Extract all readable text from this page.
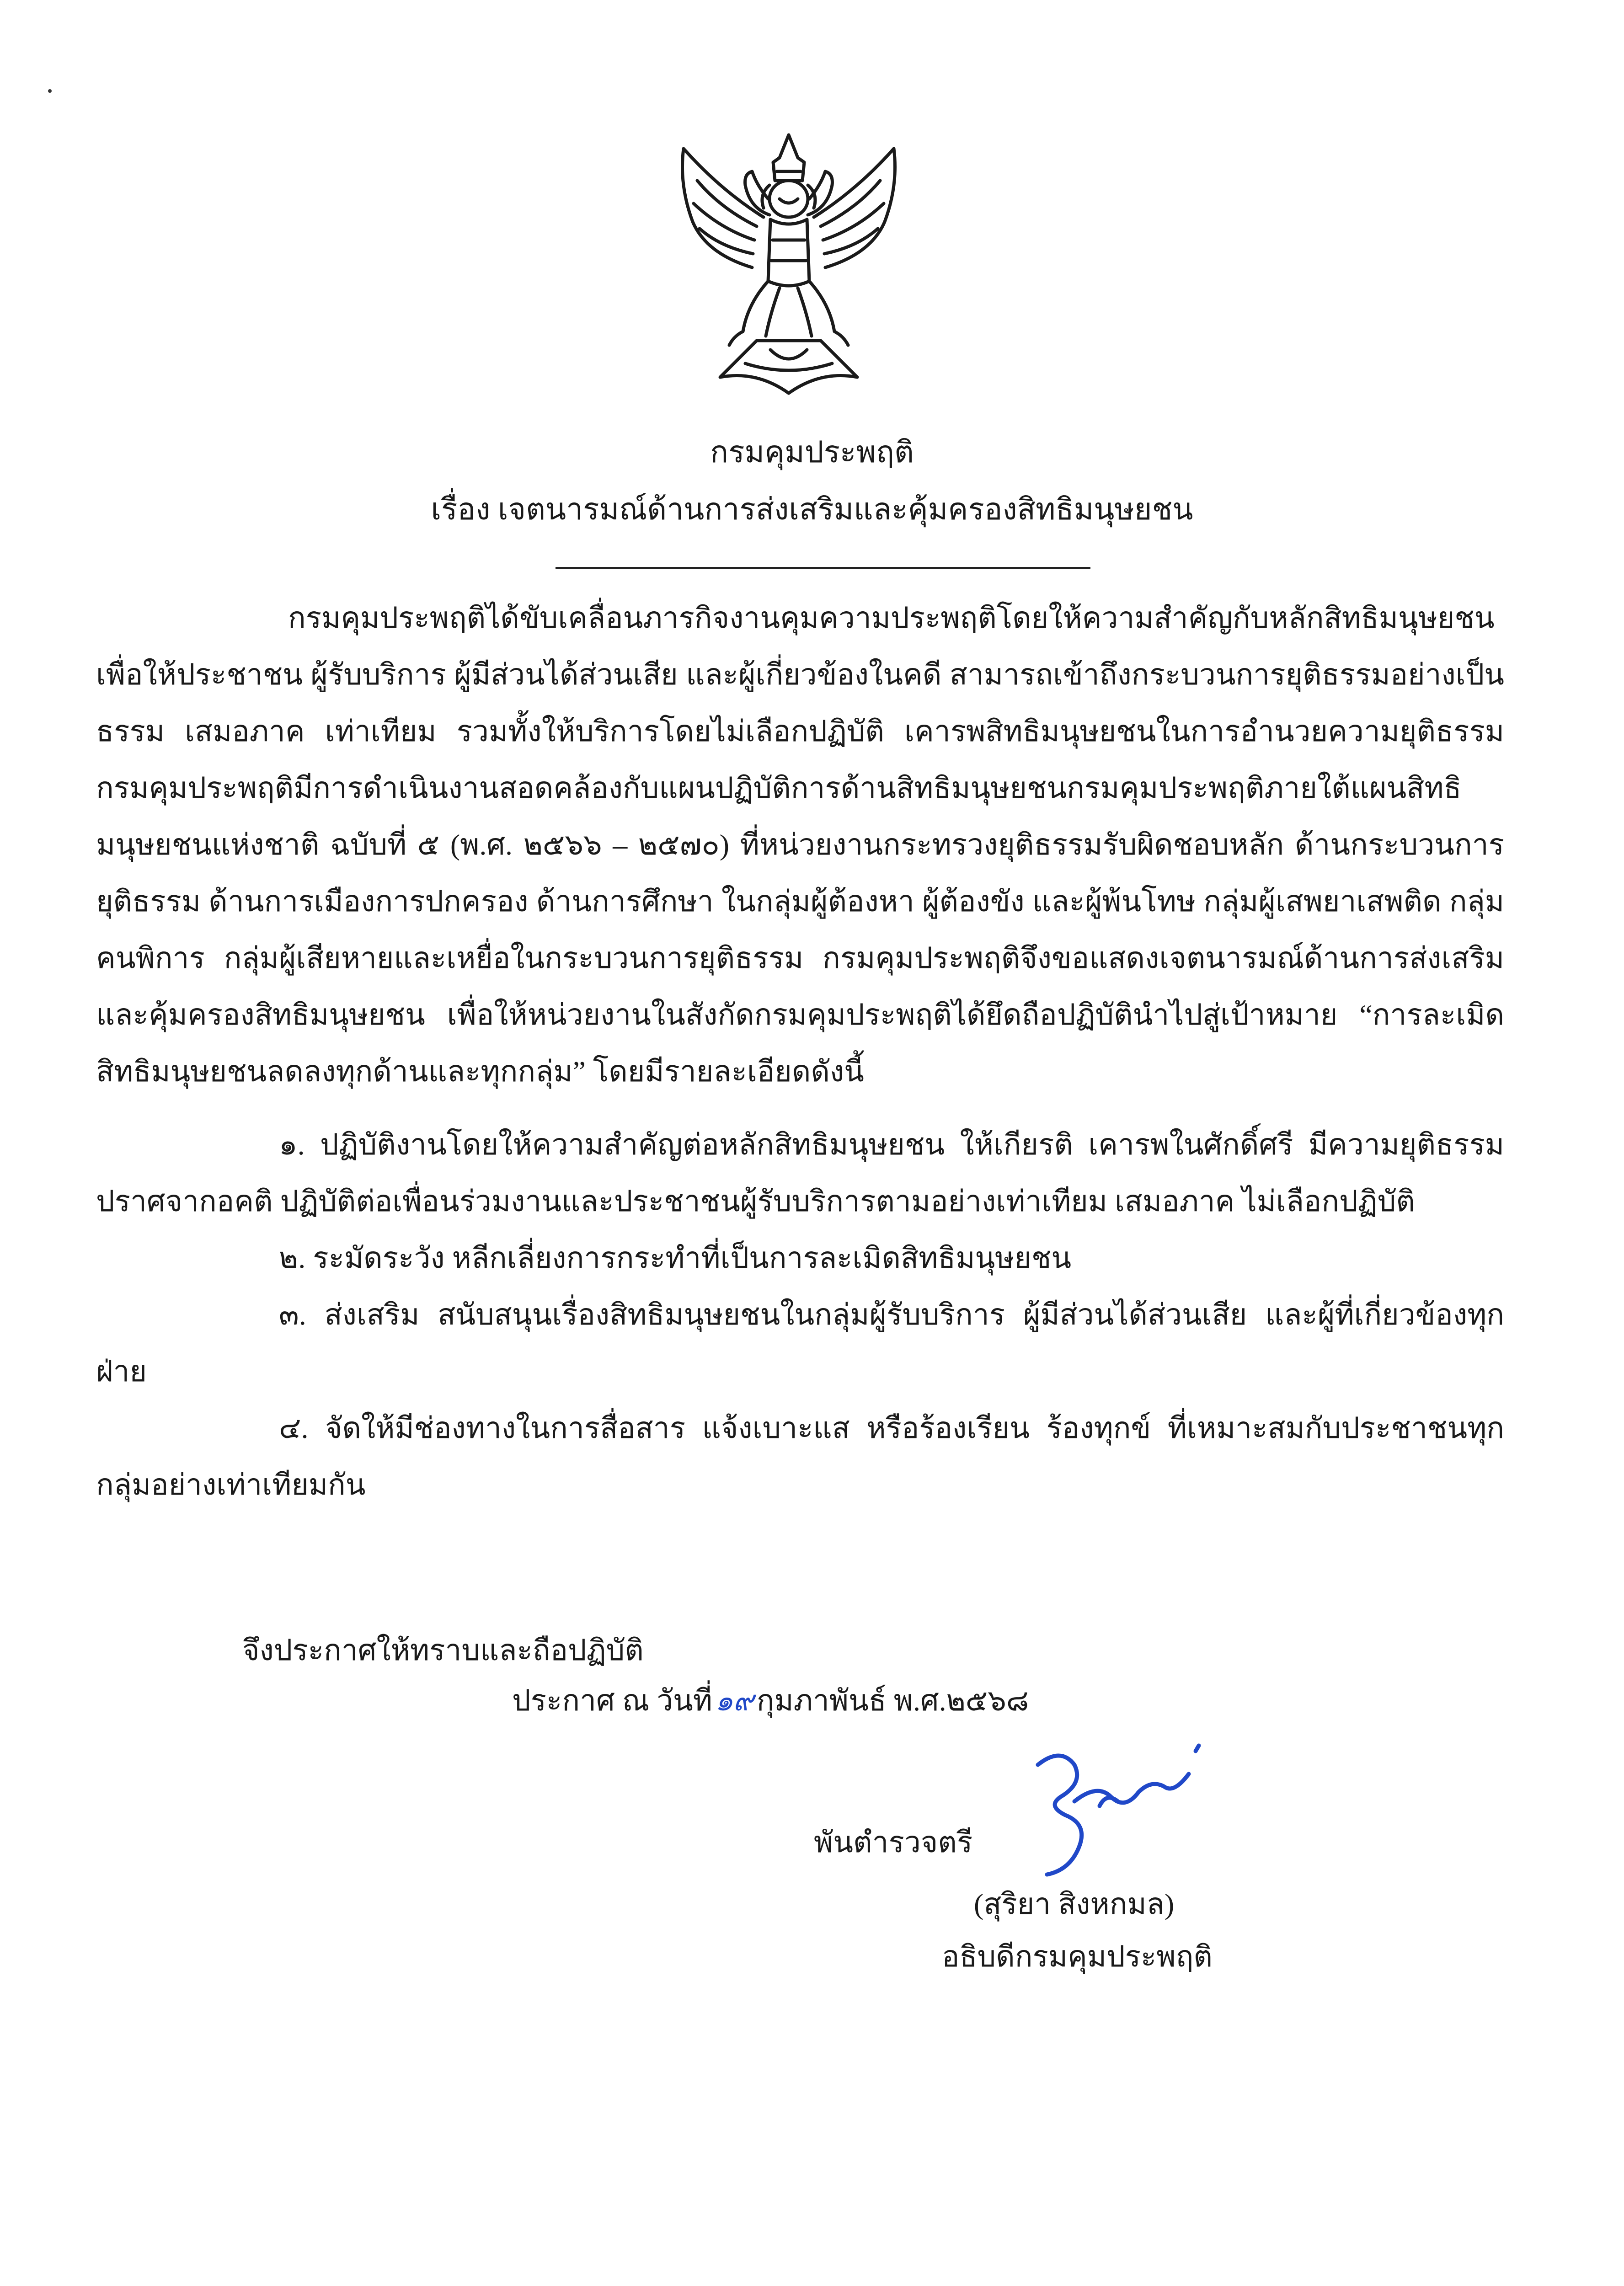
กรมคุมประพฤติ
เรื่อง เจตนารมณ์ด้านการส่งเสริมและคุ้มครองสิทธิมนุษยชน

กรมคุมประพฤติได้ขับเคลื่อนภารกิจงานคุมความประพฤติโดยให้ความสำคัญกับหลักสิทธิมนุษยชน เพื่อให้ประชาชน ผู้รับบริการ ผู้มีส่วนได้ส่วนเสีย และผู้เกี่ยวข้องในคดี สามารถเข้าถึงกระบวนการยุติธรรมอย่างเป็นธรรม เสมอภาค เท่าเทียม รวมทั้งให้บริการโดยไม่เลือกปฏิบัติ เคารพสิทธิมนุษยชนในการอำนวยความยุติธรรม กรมคุมประพฤติมีการดำเนินงานสอดคล้องกับแผนปฏิบัติการด้านสิทธิมนุษยชนกรมคุมประพฤติภายใต้แผนสิทธิมนุษยชนแห่งชาติ ฉบับที่ ๕ (พ.ศ. ๒๕๖๖ – ๒๕๗๐) ที่หน่วยงานกระทรวงยุติธรรมรับผิดชอบหลัก ด้านกระบวนการยุติธรรม ด้านการเมืองการปกครอง ด้านการศึกษา ในกลุ่มผู้ต้องหา ผู้ต้องขัง และผู้พ้นโทษ กลุ่มผู้เสพยาเสพติด กลุ่มคนพิการ กลุ่มผู้เสียหายและเหยื่อในกระบวนการยุติธรรม กรมคุมประพฤติจึงขอแสดงเจตนารมณ์ด้านการส่งเสริมและคุ้มครองสิทธิมนุษยชน เพื่อให้หน่วยงานในสังกัดกรมคุมประพฤติได้ยึดถือปฏิบัตินำไปสู่เป้าหมาย “การละเมิดสิทธิมนุษยชนลดลงทุกด้านและทุกกลุ่ม” โดยมีรายละเอียดดังนี้

๑. ปฏิบัติงานโดยให้ความสำคัญต่อหลักสิทธิมนุษยชน ให้เกียรติ เคารพในศักดิ์ศรี มีความยุติธรรม ปราศจากอคติ ปฏิบัติต่อเพื่อนร่วมงานและประชาชนผู้รับบริการตามอย่างเท่าเทียม เสมอภาค ไม่เลือกปฏิบัติ

๒. ระมัดระวัง หลีกเลี่ยงการกระทำที่เป็นการละเมิดสิทธิมนุษยชน

๓. ส่งเสริม สนับสนุนเรื่องสิทธิมนุษยชนในกลุ่มผู้รับบริการ ผู้มีส่วนได้ส่วนเสีย และผู้ที่เกี่ยวข้องทุกฝ่าย

๔. จัดให้มีช่องทางในการสื่อสาร แจ้งเบาะแส หรือร้องเรียน ร้องทุกข์ ที่เหมาะสมกับประชาชนทุกกลุ่มอย่างเท่าเทียมกัน

จึงประกาศให้ทราบและถือปฏิบัติ
ประกาศ ณ วันที่๑๙กุมภาพันธ์ พ.ศ.๒๕๖๘
พันตำรวจตรี
(สุริยา สิงหกมล)
อธิบดีกรมคุมประพฤติ
